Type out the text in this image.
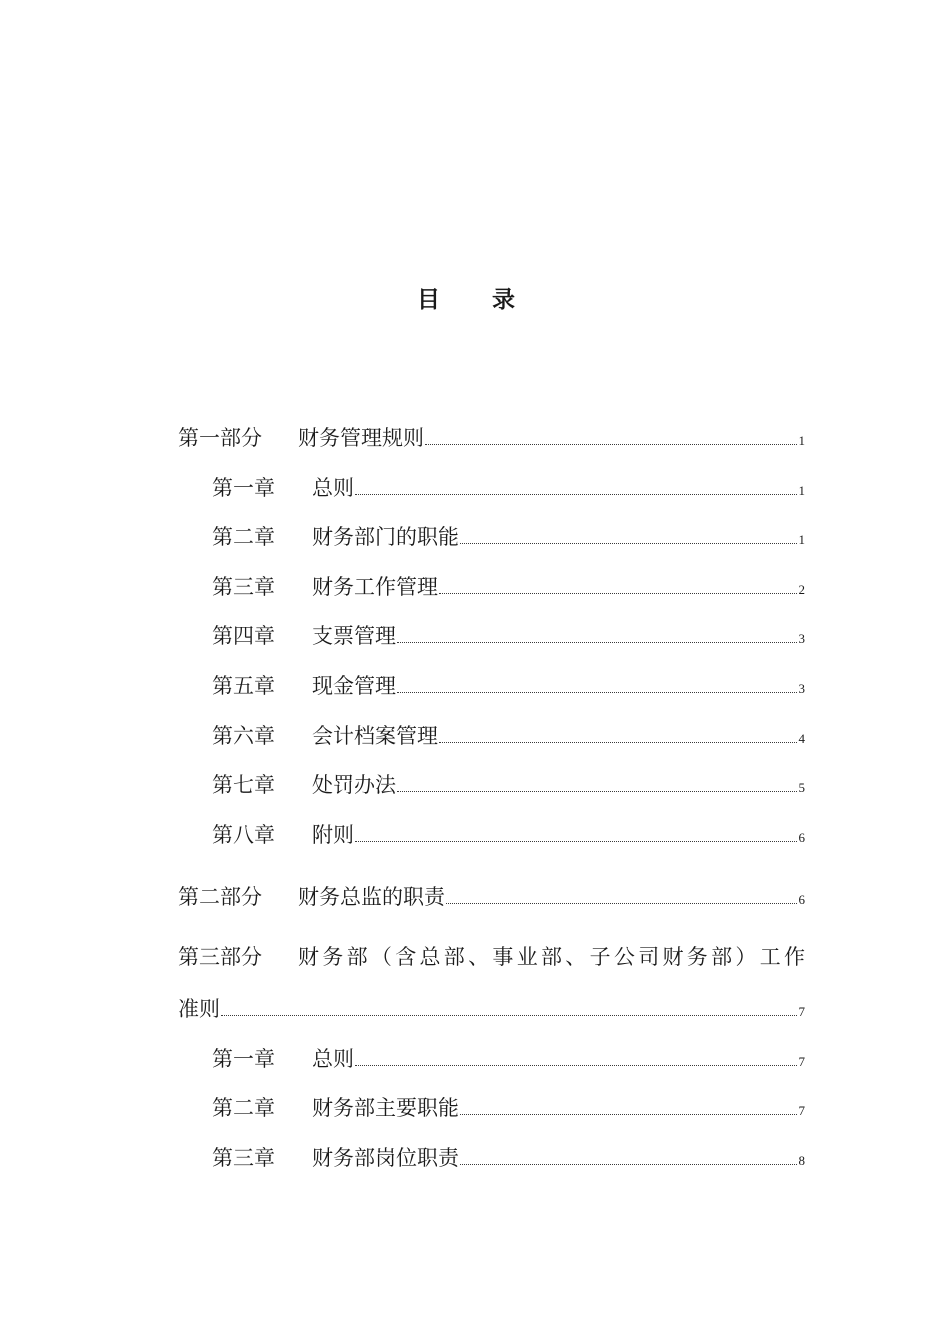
目 录
第一部分	财务管理规则	1
第一章	总则	1
第二章	财务部门的职能	1
第三章	财务工作管理	2
第四章	支票管理	3
第五章	现金管理	3
第六章	会计档案管理	4
第七章	处罚办法	5
第八章	附则	6
第二部分	财务总监的职责	6
第三部分	财务部（含总部、事业部、子公司财务部）工作
准则	7
第一章	总则	7
第二章	财务部主要职能	7
第三章	财务部岗位职责	8
